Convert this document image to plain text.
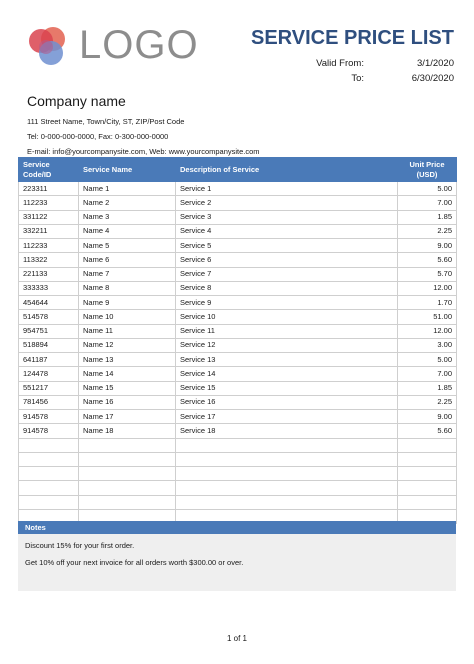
LOGO	SERVICE PRICE LIST
Valid From:	3/1/2020
To:	6/30/2020
Company name
111 Street Name, Town/City, ST, ZIP/Post Code
Tel: 0-000-000-0000, Fax: 0-300-000-0000
E-mail: info@yourcompanysite.com, Web: www.yourcompanysite.com
Service Code/ID	Service Name	Description of Service	Unit Price (USD)
223311	Name 1	Service 1	5.00
112233	Name 2	Service 2	7.00
331122	Name 3	Service 3	1.85
332211	Name 4	Service 4	2.25
112233	Name 5	Service 5	9.00
113322	Name 6	Service 6	5.60
221133	Name 7	Service 7	5.70
333333	Name 8	Service 8	12.00
454644	Name 9	Service 9	1.70
514578	Name 10	Service 10	51.00
954751	Name 11	Service 11	12.00
518894	Name 12	Service 12	3.00
641187	Name 13	Service 13	5.00
124478	Name 14	Service 14	7.00
551217	Name 15	Service 15	1.85
781456	Name 16	Service 16	2.25
914578	Name 17	Service 17	9.00
914578	Name 18	Service 18	5.60

Notes
Discount 15% for your first order.
Get 10% off your next invoice for all orders worth $300.00 or over.
1 of 1
